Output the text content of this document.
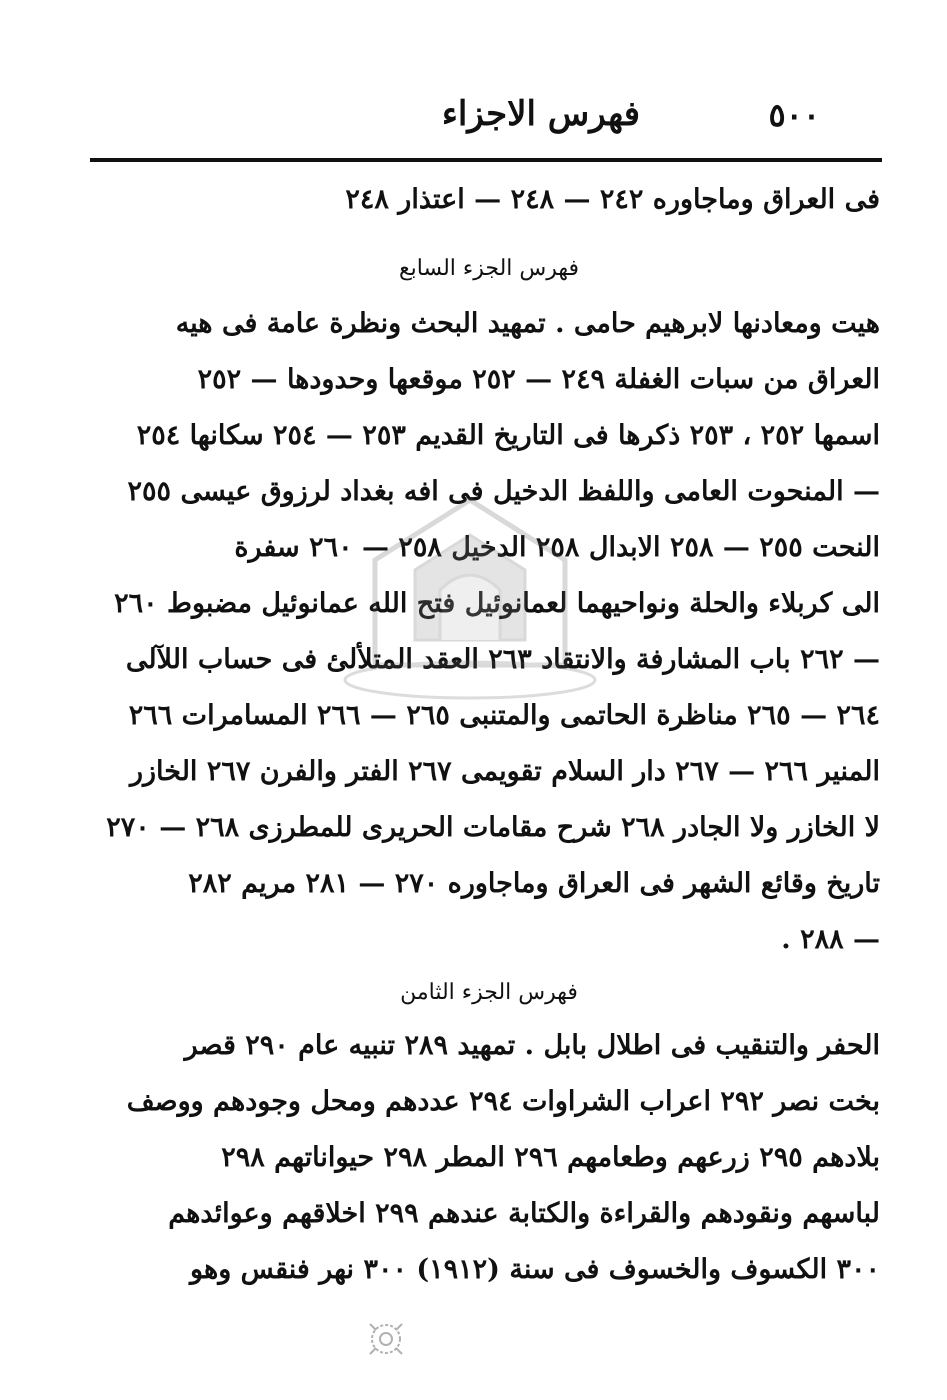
٥٠٠
فهرس الاجزاء
فى العراق وماجاوره ٢٤٢ — ٢٤٨ — اعتذار ٢٤٨
فهرس الجزء السابع
هيت ومعادنها لابرهيم حامى . تمهيد البحث ونظرة عامة فى هيه
العراق من سبات الغفلة ٢٤٩ — ٢٥٢ موقعها وحدودها — ٢٥٢
اسمها ٢٥٢ ، ٢٥٣ ذكرها فى التاريخ القديم ٢٥٣ — ٢٥٤ سكانها ٢٥٤
— المنحوت العامى واللفظ الدخيل فى افه بغداد لرزوق عيسى ٢٥٥
النحت ٢٥٥ — ٢٥٨ الابدال ٢٥٨ الدخيل ٢٥٨ — ٢٦٠ سفرة
الى كربلاء والحلة ونواحيهما لعمانوئيل فتح الله عمانوئيل مضبوط ٢٦٠
— ٢٦٢ باب المشارفة والانتقاد ٢٦٣ العقد المتلألئ فى حساب اللآلى
٢٦٤ — ٢٦٥ مناظرة الحاتمى والمتنبى ٢٦٥ — ٢٦٦ المسامرات ٢٦٦
المنير ٢٦٦ — ٢٦٧ دار السلام تقويمى ٢٦٧ الفتر والفرن ٢٦٧ الخازر
لا الخازر ولا الجادر ٢٦٨ شرح مقامات الحريرى للمطرزى ٢٦٨ — ٢٧٠
تاريخ وقائع الشهر فى العراق وماجاوره ٢٧٠ — ٢٨١ مريم ٢٨٢
— ٢٨٨ .
فهرس الجزء الثامن
الحفر والتنقيب فى اطلال بابل . تمهيد ٢٨٩ تنبيه عام ٢٩٠ قصر
بخت نصر ٢٩٢ اعراب الشراوات ٢٩٤ عددهم ومحل وجودهم ووصف
بلادهم ٢٩٥ زرعهم وطعامهم ٢٩٦ المطر ٢٩٨ حيواناتهم ٢٩٨
لباسهم ونقودهم والقراءة والكتابة عندهم ٢٩٩ اخلاقهم وعوائدهم
٣٠٠ الكسوف والخسوف فى سنة (١٩١٢) ٣٠٠ نهر فنقس وهو
